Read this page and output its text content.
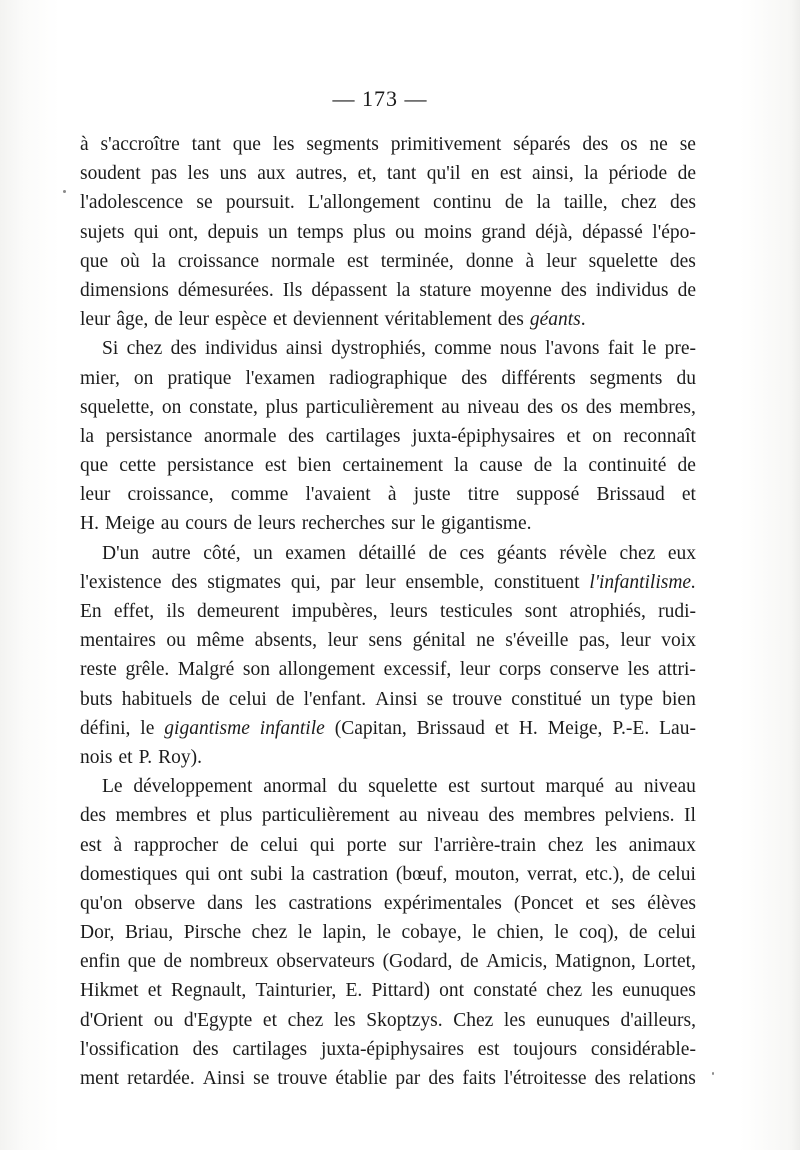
— 173 —
à s'accroître tant que les segments primitivement séparés des os ne se
soudent pas les uns aux autres, et, tant qu'il en est ainsi, la période de
l'adolescence se poursuit. L'allongement continu de la taille, chez des
sujets qui ont, depuis un temps plus ou moins grand déjà, dépassé l'épo-
que où la croissance normale est terminée, donne à leur squelette des
dimensions démesurées. Ils dépassent la stature moyenne des individus de
leur âge, de leur espèce et deviennent véritablement des géants.
Si chez des individus ainsi dystrophiés, comme nous l'avons fait le pre-
mier, on pratique l'examen radiographique des différents segments du
squelette, on constate, plus particulièrement au niveau des os des membres,
la persistance anormale des cartilages juxta-épiphysaires et on reconnaît
que cette persistance est bien certainement la cause de la continuité de
leur croissance, comme l'avaient à juste titre supposé Brissaud et
H. Meige au cours de leurs recherches sur le gigantisme.
D'un autre côté, un examen détaillé de ces géants révèle chez eux
l'existence des stigmates qui, par leur ensemble, constituent l'infantilisme.
En effet, ils demeurent impubères, leurs testicules sont atrophiés, rudi-
mentaires ou même absents, leur sens génital ne s'éveille pas, leur voix
reste grêle. Malgré son allongement excessif, leur corps conserve les attri-
buts habituels de celui de l'enfant. Ainsi se trouve constitué un type bien
défini, le gigantisme infantile (Capitan, Brissaud et H. Meige, P.-E. Lau-
nois et P. Roy).
Le développement anormal du squelette est surtout marqué au niveau
des membres et plus particulièrement au niveau des membres pelviens. Il
est à rapprocher de celui qui porte sur l'arrière-train chez les animaux
domestiques qui ont subi la castration (bœuf, mouton, verrat, etc.), de celui
qu'on observe dans les castrations expérimentales (Poncet et ses élèves
Dor, Briau, Pirsche chez le lapin, le cobaye, le chien, le coq), de celui
enfin que de nombreux observateurs (Godard, de Amicis, Matignon, Lortet,
Hikmet et Regnault, Tainturier, E. Pittard) ont constaté chez les eunuques
d'Orient ou d'Egypte et chez les Skoptzys. Chez les eunuques d'ailleurs,
l'ossification des cartilages juxta-épiphysaires est toujours considérable-
ment retardée. Ainsi se trouve établie par des faits l'étroitesse des relations
